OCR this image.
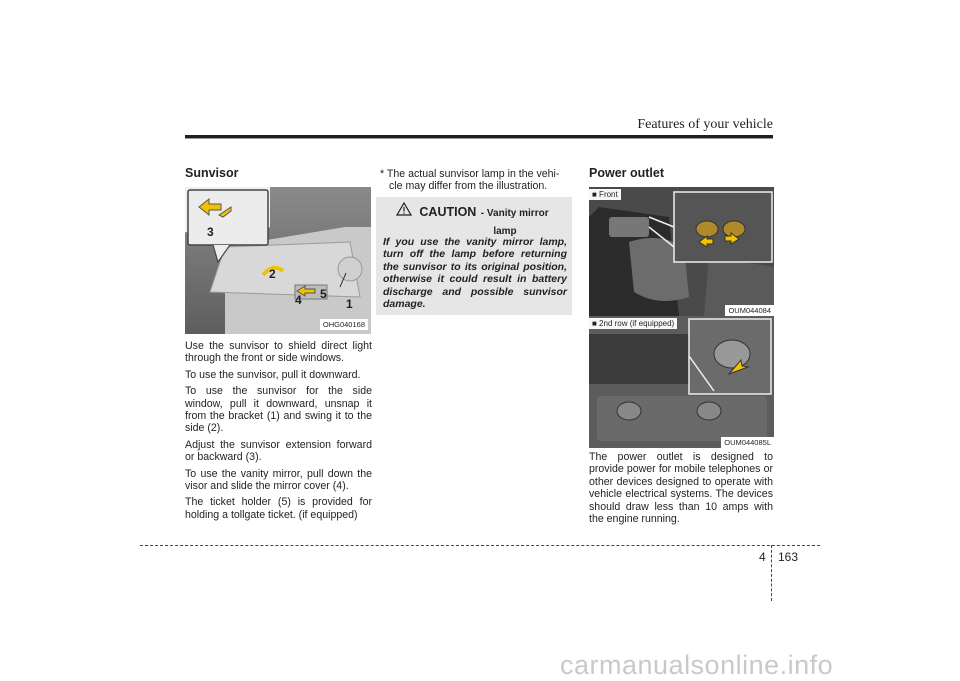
Features of your vehicle
Sunvisor
3
2
4 5
1
OHG040168

Use the sunvisor to shield direct light through the front or side windows.

To use the sunvisor, pull it downward.

To use the sunvisor for the side window, pull it downward, unsnap it from the bracket (1) and swing it to the side (2).

Adjust the sunvisor extension forward or backward (3).

To use the vanity mirror, pull down the visor and slide the mirror cover (4).

The ticket holder (5) is provided for holding a tollgate ticket. (if equipped)

* The actual sunvisor lamp in the vehi-
cle may differ from the illustration.
CAUTION - Vanity mirror
lamp
If you use the vanity mirror lamp, turn off the lamp before returning the sunvisor to its original position, otherwise it could result in battery discharge and possible sunvisor damage.
Power outlet
■ Front
OUM044084
■ 2nd row (if equipped)
OUM044085L

The power outlet is designed to provide power for mobile telephones or other devices designed to operate with vehicle electrical systems. The devices should draw less than 10 amps with the engine running.

4 163
carmanualsonline.info
